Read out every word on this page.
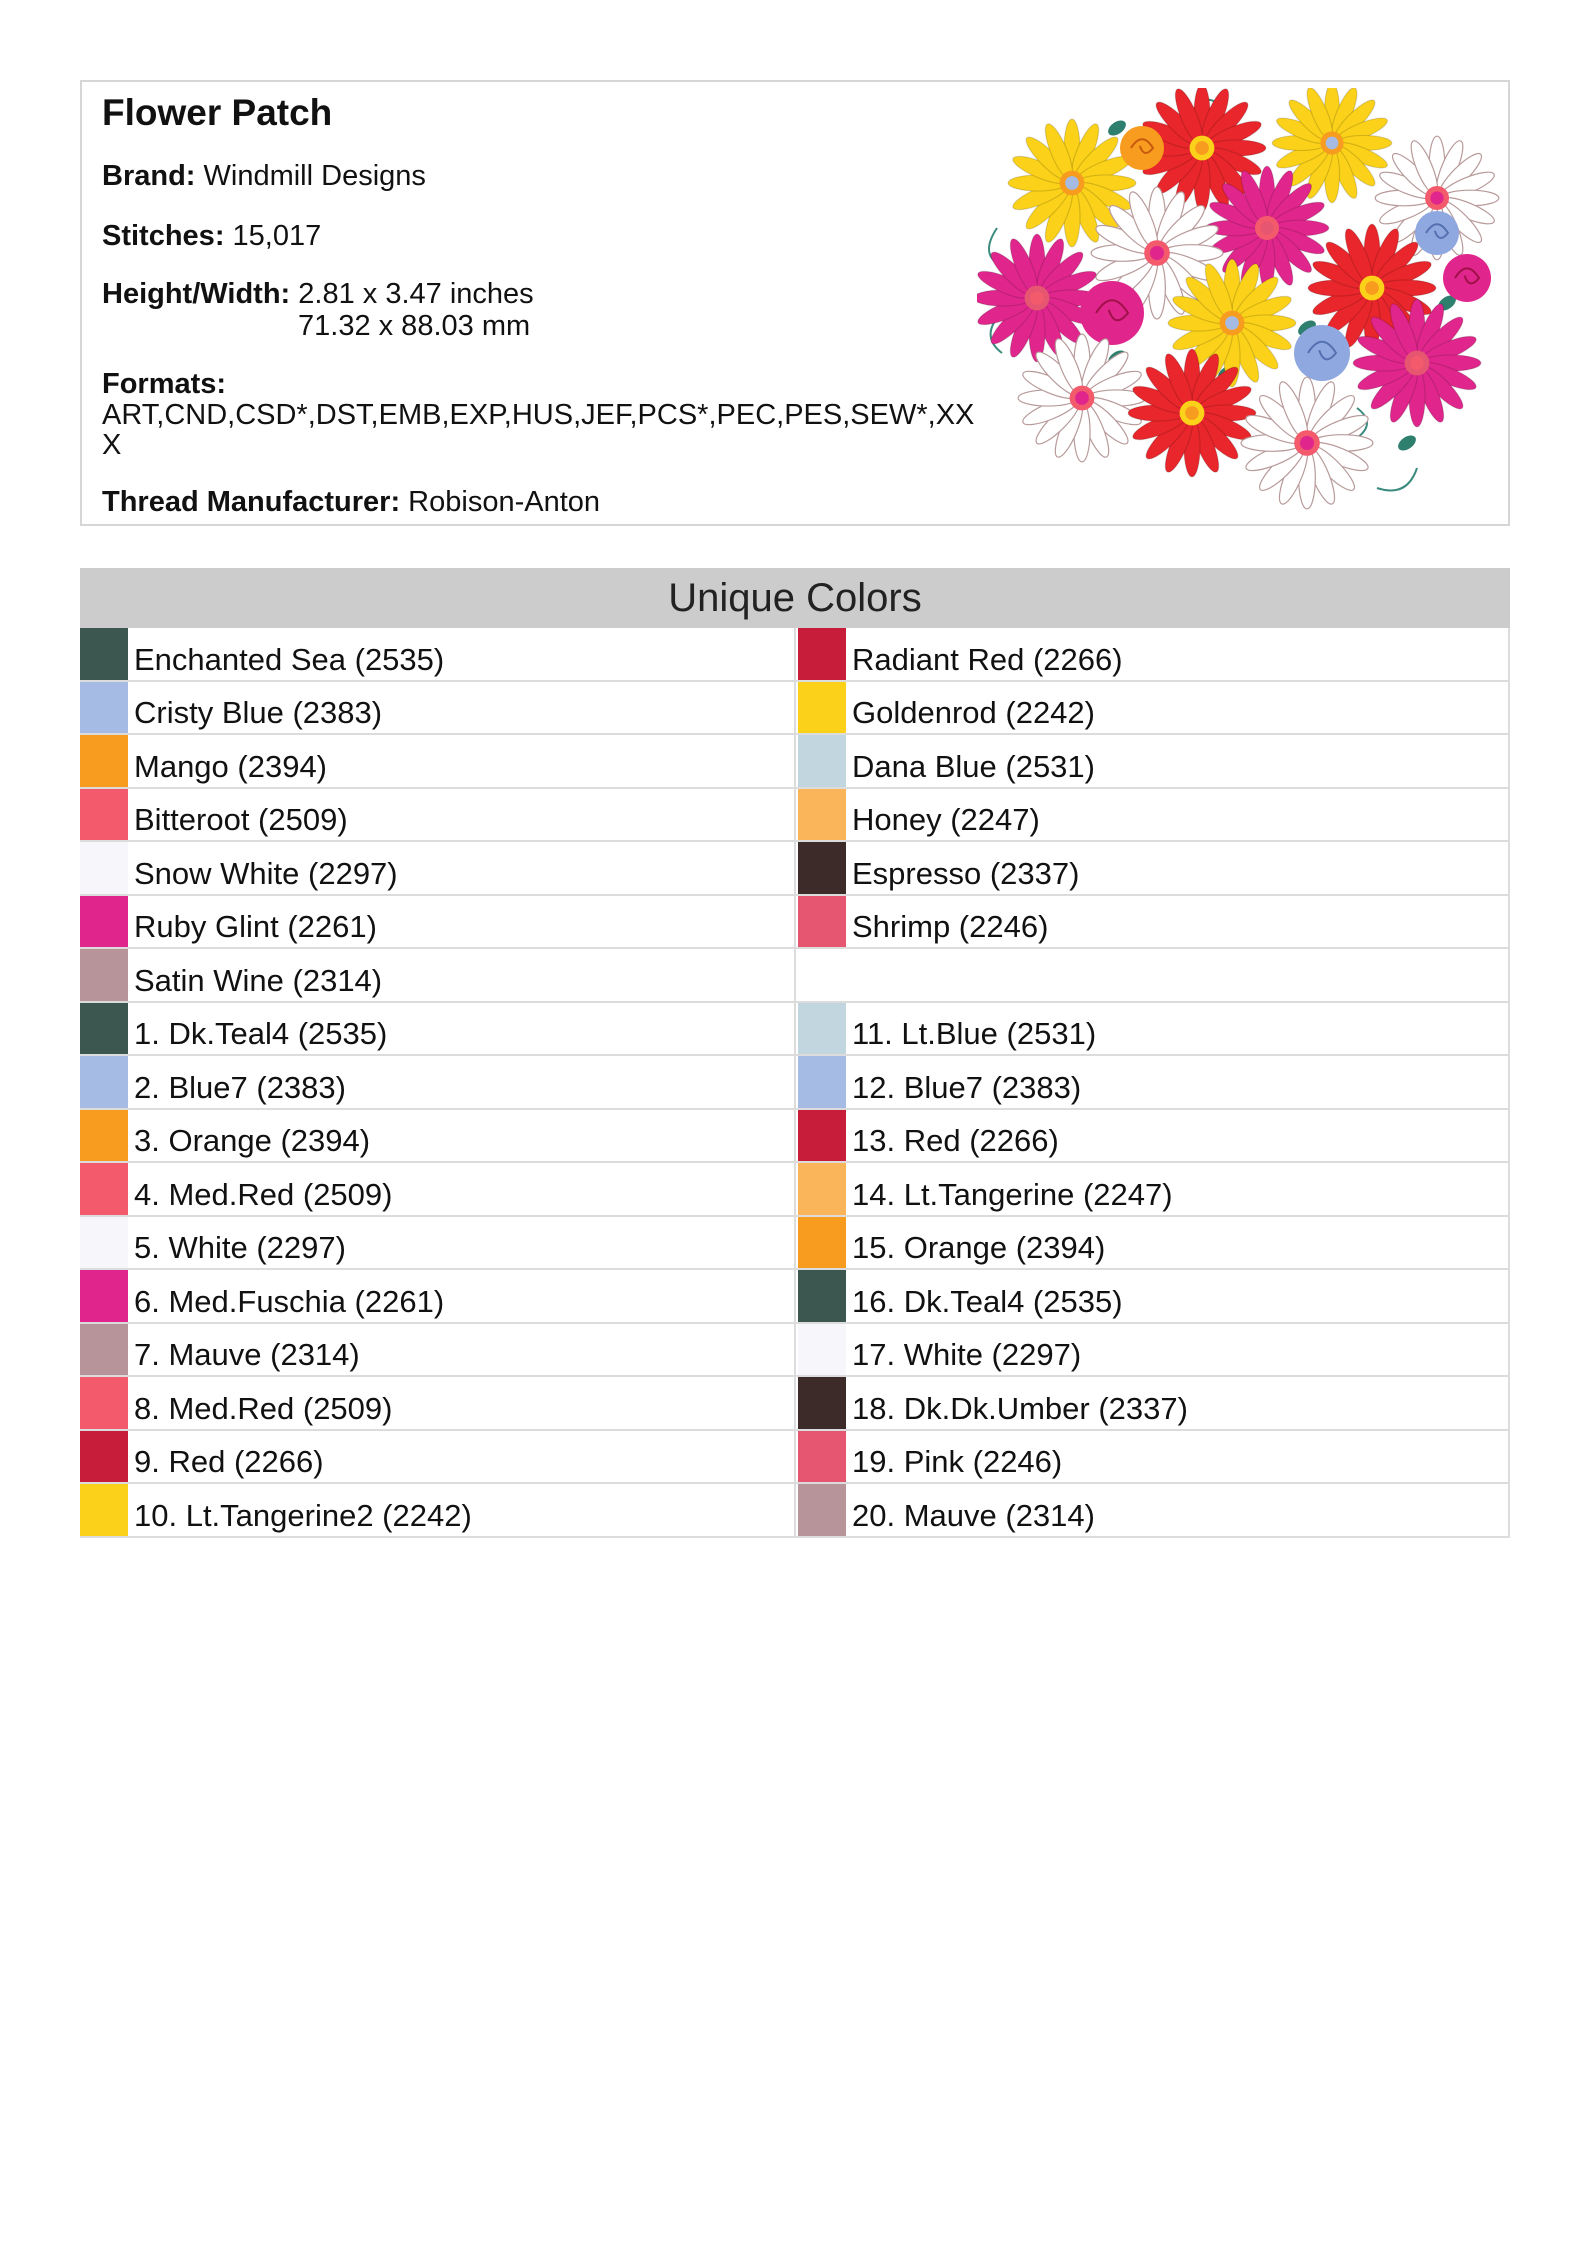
Flower Patch
Brand: Windmill Designs
Stitches: 15,017
Height/Width: 2.81 x 3.47 inches
71.32 x 88.03 mm
Formats:
ART,CND,CSD*,DST,EMB,EXP,HUS,JEF,PCS*,PEC,PES,SEW*,XXX
Thread Manufacturer: Robison-Anton
Unique Colors
Enchanted Sea (2535)	Radiant Red (2266)
Cristy Blue (2383)	Goldenrod (2242)
Mango (2394)	Dana Blue (2531)
Bitteroot (2509)	Honey (2247)
Snow White (2297)	Espresso (2337)
Ruby Glint (2261)	Shrimp (2246)
Satin Wine (2314)
1. Dk.Teal4 (2535)	11. Lt.Blue (2531)
2. Blue7 (2383)	12. Blue7 (2383)
3. Orange (2394)	13. Red (2266)
4. Med.Red (2509)	14. Lt.Tangerine (2247)
5. White (2297)	15. Orange (2394)
6. Med.Fuschia (2261)	16. Dk.Teal4 (2535)
7. Mauve (2314)	17. White (2297)
8. Med.Red (2509)	18. Dk.Dk.Umber (2337)
9. Red (2266)	19. Pink (2246)
10. Lt.Tangerine2 (2242)	20. Mauve (2314)
